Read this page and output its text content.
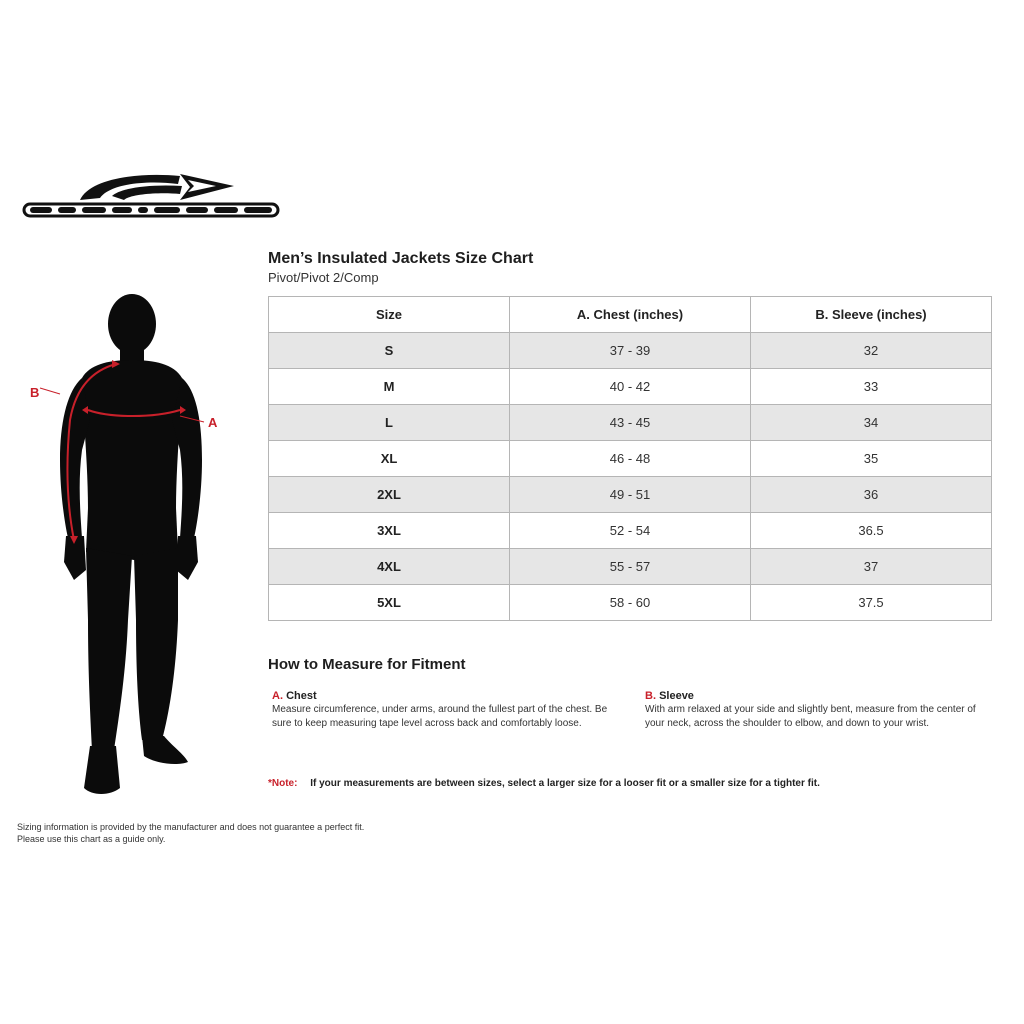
A
B
Men’s Insulated Jackets Size Chart
Pivot/Pivot 2/Comp
Size	A. Chest (inches)	B. Sleeve (inches)
S	37 - 39	32
M	40 - 42	33
L	43 - 45	34
XL	46 - 48	35
2XL	49 - 51	36
3XL	52 - 54	36.5
4XL	55 - 57	37
5XL	58 - 60	37.5
How to Measure for Fitment
A. Chest
Measure circumference, under arms, around the fullest part of the chest. Be sure to keep measuring tape level across back and comfortably loose.
B. Sleeve
With arm relaxed at your side and slightly bent, measure from the center of your neck, across the shoulder to elbow, and down to your wrist.
*Note: If your measurements are between sizes, select a larger size for a looser fit or a smaller size for a tighter fit.
Sizing information is provided by the manufacturer and does not guarantee a perfect fit.
Please use this chart as a guide only.
